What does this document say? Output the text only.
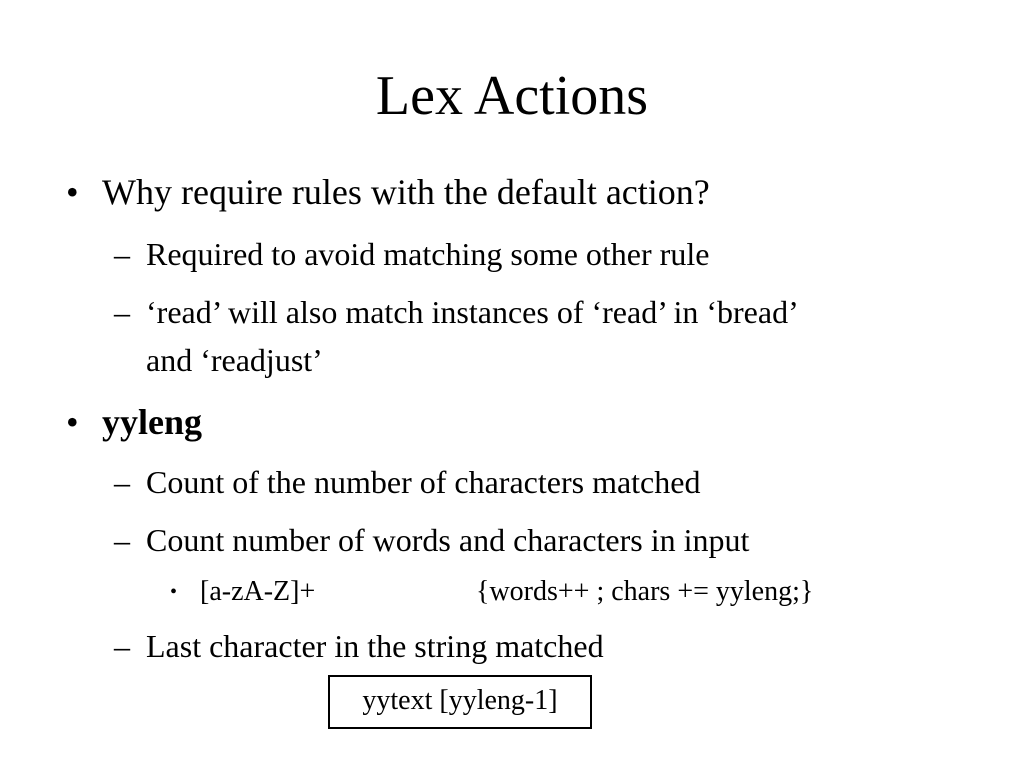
Lex Actions
• Why require rules with the default action?
– Required to avoid matching some other rule
– ‘read’ will also match instances of ‘read’ in ‘bread’
and ‘readjust’
• yyleng
– Count of the number of characters matched
– Count number of words and characters in input
• [a-zA-Z]+	{words++ ; chars += yyleng;}
– Last character in the string matched
yytext [yyleng-1]
